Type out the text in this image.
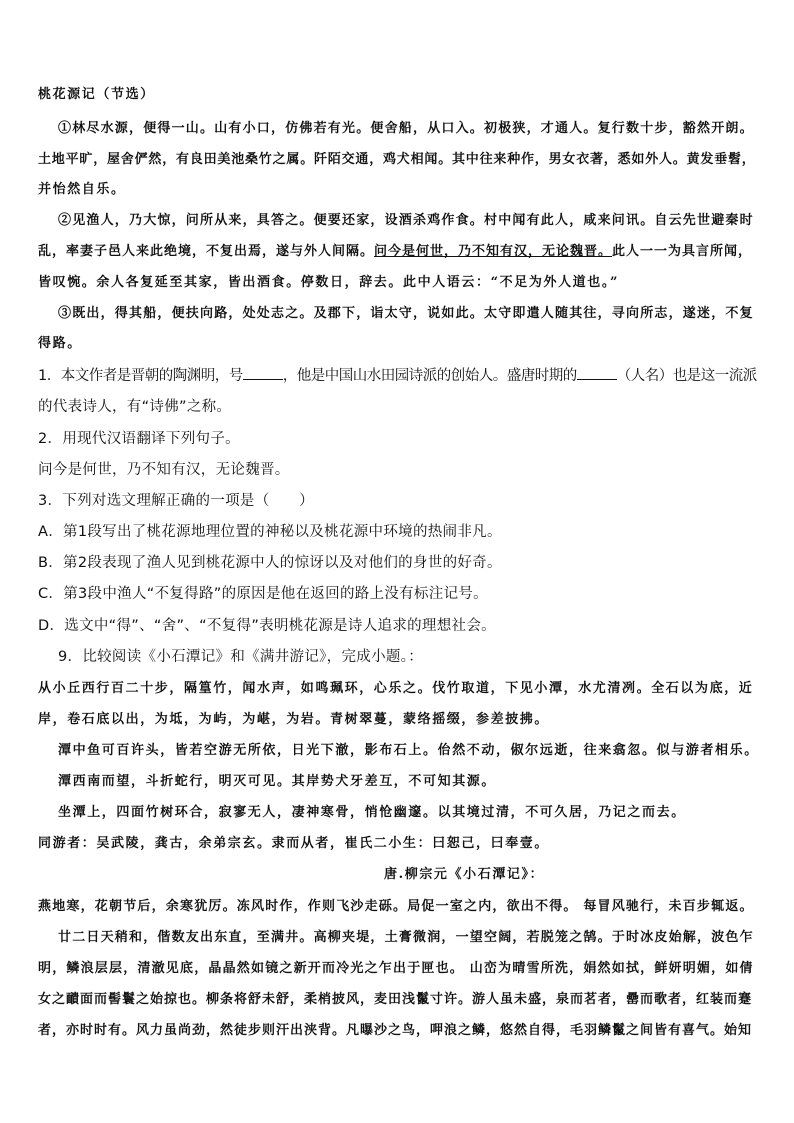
桃花源记（节选）
①林尽水源，便得一山。山有小口，仿佛若有光。便舍船，从口入。初极狭，才通人。复行数十步，豁然开朗。
土地平旷，屋舍俨然，有良田美池桑竹之属。阡陌交通，鸡犬相闻。其中往来种作，男女衣著，悉如外人。黄发垂髫，
并怡然自乐。
②见渔人，乃大惊，问所从来，具答之。便要还家，设酒杀鸡作食。村中闻有此人，咸来问讯。自云先世避秦时
乱，率妻子邑人来此绝境，不复出焉，遂与外人间隔。问今是何世，乃不知有汉，无论魏晋。此人一一为具言所闻，
皆叹惋。余人各复延至其家，皆出酒食。停数日，辞去。此中人语云：“不足为外人道也。”
③既出，得其船，便扶向路，处处志之。及郡下，诣太守，说如此。太守即遣人随其往，寻向所志，遂迷，不复
得路。
1．本文作者是晋朝的陶渊明，号	，他是中国山水田园诗派的创始人。盛唐时期的	（人名）也是这一流派
的代表诗人，有“诗佛”之称。
2．用现代汉语翻译下列句子。
问今是何世，乃不知有汉，无论魏晋。
3．下列对选文理解正确的一项是（　　）
A．第1段写出了桃花源地理位置的神秘以及桃花源中环境的热闹非凡。
B．第2段表现了渔人见到桃花源中人的惊讶以及对他们的身世的好奇。
C．第3段中渔人“不复得路”的原因是他在返回的路上没有标注记号。
D．选文中“得”、“舍”、“不复得”表明桃花源是诗人追求的理想社会。
9．比较阅读《小石潭记》和《满井游记》，完成小题。：
从小丘西行百二十步，隔篁竹，闻水声，如鸣珮环，心乐之。伐竹取道，下见小潭，水尤清冽。全石以为底，近
岸，卷石底以出，为坻，为屿，为嵁，为岩。青树翠蔓，蒙络摇缀，参差披拂。
潭中鱼可百许头，皆若空游无所依，日光下澈，影布石上。佁然不动，俶尔远逝，往来翕忽。似与游者相乐。
潭西南而望，斗折蛇行，明灭可见。其岸势犬牙差互，不可知其源。
坐潭上，四面竹树环合，寂寥无人，凄神寒骨，悄怆幽邃。以其境过清，不可久居，乃记之而去。
同游者：吴武陵，龚古，余弟宗玄。隶而从者，崔氏二小生：曰恕己，曰奉壹。
唐.柳宗元《小石潭记》：
燕地寒，花朝节后，余寒犹厉。冻风时作，作则飞沙走砾。局促一室之内，欲出不得。 每冒风驰行，未百步辄返。
廿二日天稍和，偕数友出东直，至满井。高柳夹堤，土膏微润，一望空阔，若脱笼之鹄。于时冰皮始解，波色乍
明，鳞浪层层，清澈见底，晶晶然如镜之新开而冷光之乍出于匣也。 山峦为晴雪所洗，娟然如拭，鲜妍明媚，如倩
女之靧面而髻鬟之始掠也。柳条将舒未舒，柔梢披风，麦田浅鬣寸许。游人虽未盛，泉而茗者，罍而歌者，红装而蹇
者，亦时时有。风力虽尚劲，然徒步则汗出浃背。凡曝沙之鸟，呷浪之鳞，悠然自得，毛羽鳞鬣之间皆有喜气。始知
